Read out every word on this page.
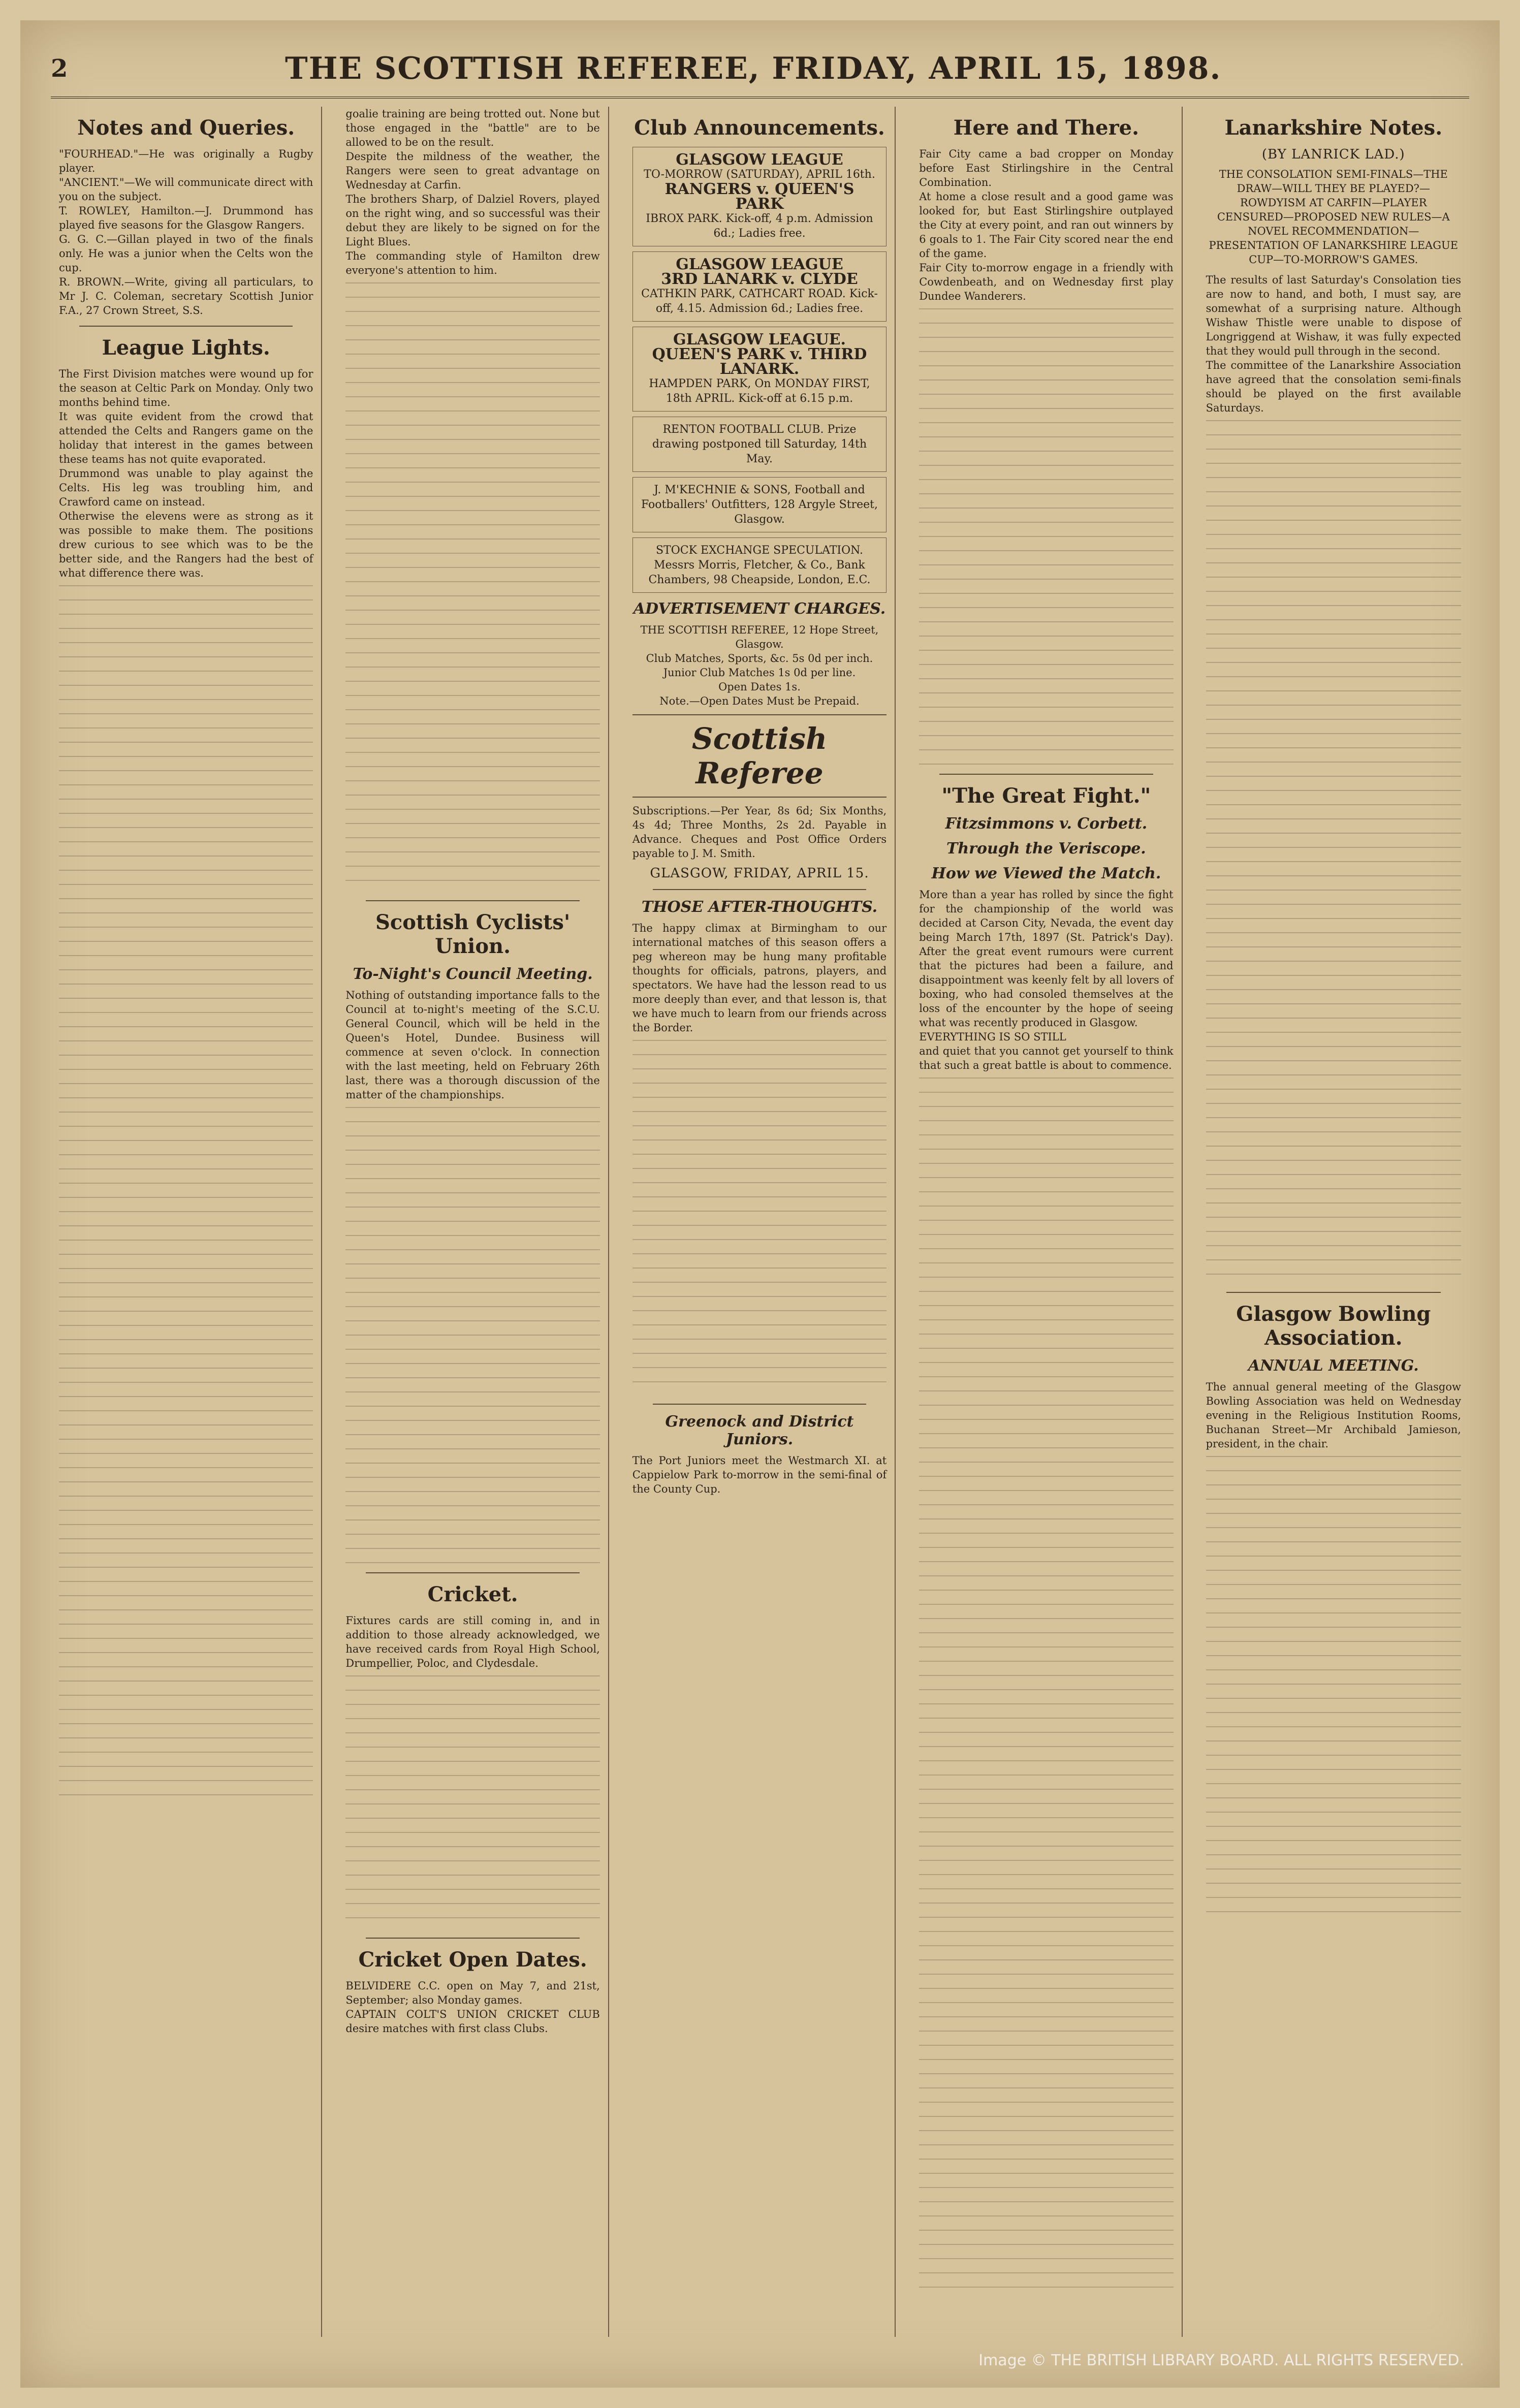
2	THE SCOTTISH REFEREE, FRIDAY, APRIL 15, 1898.
Notes and Queries.
"FOURHEAD."—He was originally a Rugby player.
"ANCIENT."—We will communicate direct with you on the subject.
T. ROWLEY, Hamilton.—J. Drummond has played five seasons for the Glasgow Rangers.
G. G. C.—Gillan played in two of the finals only. He was a junior when the Celts won the cup.
R. BROWN.—Write, giving all particulars, to Mr J. C. Coleman, secretary Scottish Junior F.A., 27 Crown Street, S.S.
League Lights.
The First Division matches were wound up for the season at Celtic Park on Monday. Only two months behind time.
It was quite evident from the crowd that attended the Celts and Rangers game on the holiday that interest in the games between these teams has not quite evaporated.
Drummond was unable to play against the Celts. His leg was troubling him, and Crawford came on instead.
Otherwise the elevens were as strong as it was possible to make them. The positions drew curious to see which was to be the better side, and the Rangers had the best of what difference there was.
goalie training are being trotted out. None but those engaged in the "battle" are to be allowed to be on the result.
Despite the mildness of the weather, the Rangers were seen to great advantage on Wednesday at Carfin.
The brothers Sharp, of Dalziel Rovers, played on the right wing, and so successful was their debut they are likely to be signed on for the Light Blues.
The commanding style of Hamilton drew everyone's attention to him.
Scottish Cyclists' Union.
To-Night's Council Meeting.
Nothing of outstanding importance falls to the Council at to-night's meeting of the S.C.U. General Council, which will be held in the Queen's Hotel, Dundee. Business will commence at seven o'clock. In connection with the last meeting, held on February 26th last, there was a thorough discussion of the matter of the championships.
Cricket.
Fixtures cards are still coming in, and in addition to those already acknowledged, we have received cards from Royal High School, Drumpellier, Poloc, and Clydesdale.
Cricket Open Dates.
BELVIDERE C.C. open on May 7, and 21st, September; also Monday games.
CAPTAIN COLT'S UNION CRICKET CLUB desire matches with first class Clubs.
Club Announcements.
GLASGOW LEAGUE
TO-MORROW (SATURDAY), APRIL 16th.

RANGERS v. QUEEN'S PARK
IBROX PARK. Kick-off, 4 p.m. Admission 6d.; Ladies free.
GLASGOW LEAGUE
3RD LANARK v. CLYDE
CATHKIN PARK, CATHCART ROAD. Kick-off, 4.15. Admission 6d.; Ladies free.
GLASGOW LEAGUE.
QUEEN'S PARK v. THIRD LANARK.
HAMPDEN PARK, On MONDAY FIRST, 18th APRIL. Kick-off at 6.15 p.m.
RENTON FOOTBALL CLUB. Prize drawing postponed till Saturday, 14th May.
J. M'KECHNIE & SONS, Football and Footballers' Outfitters, 128 Argyle Street, Glasgow.
STOCK EXCHANGE SPECULATION. Messrs Morris, Fletcher, & Co., Bank Chambers, 98 Cheapside, London, E.C.
ADVERTISEMENT CHARGES.
THE SCOTTISH REFEREE, 12 Hope Street, Glasgow.
Club Matches, Sports, &c. 5s 0d per inch.
Junior Club Matches 1s 0d per line.
Open Dates 1s.
Note.—Open Dates Must be Prepaid.
Scottish Referee
Subscriptions.—Per Year, 8s 6d; Six Months, 4s 4d; Three Months, 2s 2d. Payable in Advance. Cheques and Post Office Orders payable to J. M. Smith.
GLASGOW, FRIDAY, APRIL 15.
THOSE AFTER-THOUGHTS.
The happy climax at Birmingham to our international matches of this season offers a peg whereon may be hung many profitable thoughts for officials, patrons, players, and spectators. We have had the lesson read to us more deeply than ever, and that lesson is, that we have much to learn from our friends across the Border.
Greenock and District Juniors.
The Port Juniors meet the Westmarch XI. at Cappielow Park to-morrow in the semi-final of the County Cup.
Here and There.
Fair City came a bad cropper on Monday before East Stirlingshire in the Central Combination.
At home a close result and a good game was looked for, but East Stirlingshire outplayed the City at every point, and ran out winners by 6 goals to 1. The Fair City scored near the end of the game.
Fair City to-morrow engage in a friendly with Cowdenbeath, and on Wednesday first play Dundee Wanderers.
"The Great Fight."
Fitzsimmons v. Corbett.
Through the Veriscope.
How we Viewed the Match.
More than a year has rolled by since the fight for the championship of the world was decided at Carson City, Nevada, the event day being March 17th, 1897 (St. Patrick's Day). After the great event rumours were current that the pictures had been a failure, and disappointment was keenly felt by all lovers of boxing, who had consoled themselves at the loss of the encounter by the hope of seeing what was recently produced in Glasgow.
EVERYTHING IS SO STILL
and quiet that you cannot get yourself to think that such a great battle is about to commence.
Lanarkshire Notes.
(BY LANRICK LAD.)
THE CONSOLATION SEMI-FINALS—THE DRAW—WILL THEY BE PLAYED?—ROWDYISM AT CARFIN—PLAYER CENSURED—PROPOSED NEW RULES—A NOVEL RECOMMENDATION—PRESENTATION OF LANARKSHIRE LEAGUE CUP—TO-MORROW'S GAMES.
The results of last Saturday's Consolation ties are now to hand, and both, I must say, are somewhat of a surprising nature. Although Wishaw Thistle were unable to dispose of Longriggend at Wishaw, it was fully expected that they would pull through in the second.
The committee of the Lanarkshire Association have agreed that the consolation semi-finals should be played on the first available Saturdays.
Glasgow Bowling Association.
ANNUAL MEETING.
The annual general meeting of the Glasgow Bowling Association was held on Wednesday evening in the Religious Institution Rooms, Buchanan Street—Mr Archibald Jamieson, president, in the chair.
Image © THE BRITISH LIBRARY BOARD. ALL RIGHTS RESERVED.
